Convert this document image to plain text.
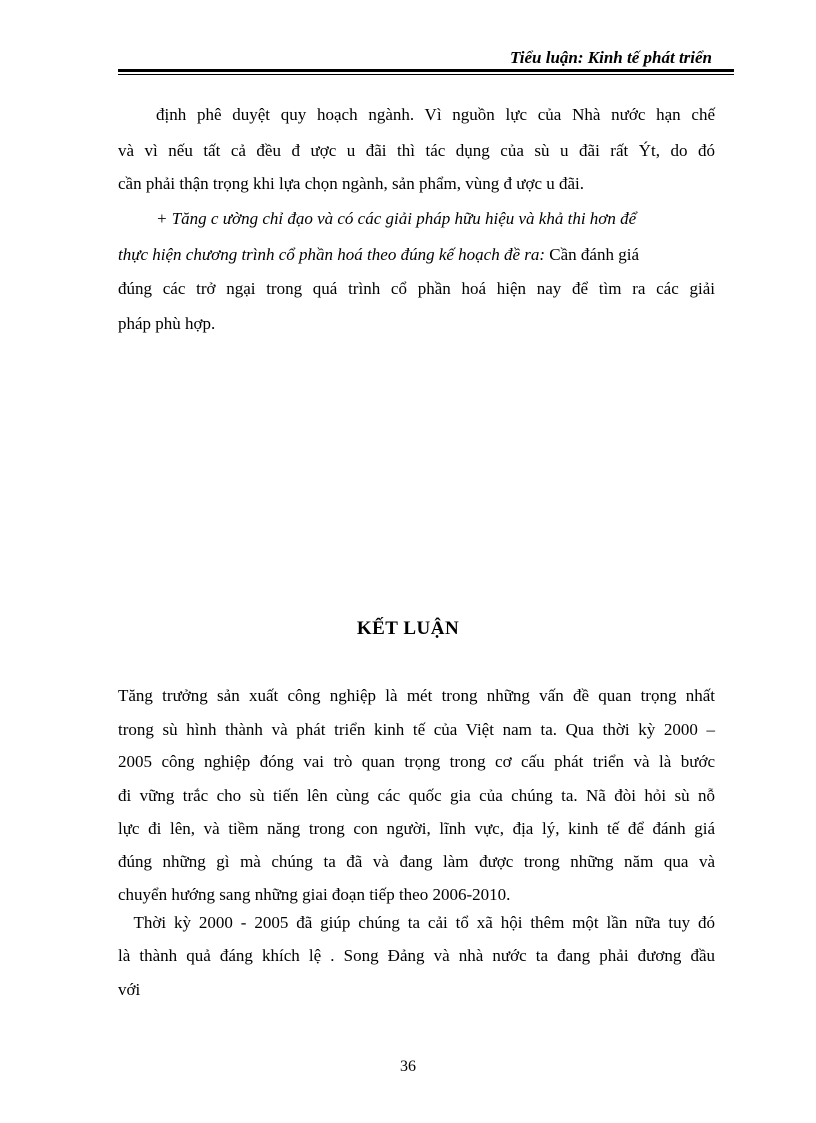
Tiểu luận: Kinh tế phát triển
định phê duyệt quy hoạch ngành. Vì nguồn lực của Nhà nước hạn chế
và vì nếu tất cả đều đ ược u đãi thì tác dụng của sù u đãi rất Ýt, do đó
cần phải thận trọng khi lựa chọn ngành, sản phẩm, vùng đ ược u đãi.
+ Tăng c ường chỉ đạo và có các giải pháp hữu hiệu và khả thi hơn để
thực hiện chương trình cổ phần hoá theo đúng kế hoạch đề ra: Cần đánh giá
đúng các trở ngại trong quá trình cổ phần hoá hiện nay để tìm ra các giải
pháp phù hợp.
KẾT LUẬN
Tăng trưởng sản xuất công nghiệp là mét trong những vấn đề quan trọng nhất
trong sù hình thành và phát triển kinh tế của Việt nam ta. Qua thời kỳ 2000 –
2005 công nghiệp đóng vai trò quan trọng trong cơ cấu phát triển và là bước
đi vững trắc cho sù tiến lên cùng các quốc gia của chúng ta. Nã đòi hỏi sù nỗ
lực đi lên, và tiềm năng trong con người, lĩnh vực, địa lý, kinh tế để đánh giá
đúng những gì mà chúng ta đã và đang làm được trong những năm qua và
chuyển hướng sang những giai đoạn tiếp theo 2006-2010.
Thời kỳ 2000 - 2005 đã giúp chúng ta cải tổ xã hội thêm một lần nữa tuy đó
là thành quả đáng khích lệ . Song Đảng và nhà nước ta đang phải đương đầu
với
36
